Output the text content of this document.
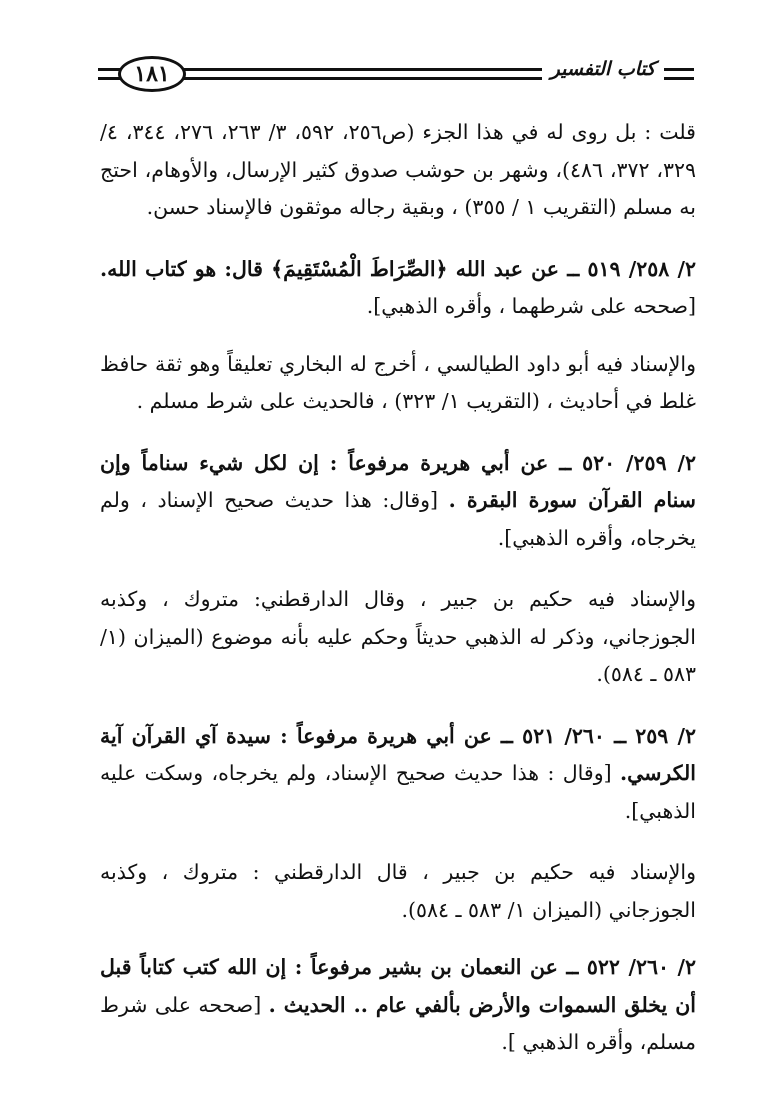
١٨١	كتاب التفسير

قلت : بل روى له في هذا الجزء (ص٢٥٦، ٥٩٢، ٣/ ٢٦٣، ٢٧٦، ٣٤٤، ٤/ ٣٢٩، ٣٧٢، ٤٨٦)، وشهر بن حوشب صدوق كثير الإرسال، والأوهام، احتج به مسلم (التقريب ١ / ٣٥٥) ، وبقية رجاله موثقون فالإسناد حسن.

٢/ ٢٥٨/ ٥١٩ ــ عن عبد الله ﴿الصِّرَاطَ الْمُسْتَقِيمَ﴾ قال: هو كتاب الله. [صححه على شرطهما ، وأقره الذهبي].

والإسناد فيه أبو داود الطيالسي ، أخرج له البخاري تعليقاً وهو ثقة حافظ غلط في أحاديث ، (التقريب ١/ ٣٢٣) ، فالحديث على شرط مسلم .

٢/ ٢٥٩/ ٥٢٠ ــ عن أبي هريرة مرفوعاً : إن لكل شيء سناماً وإن سنام القرآن سورة البقرة . [وقال: هذا حديث صحيح الإسناد ، ولم يخرجاه، وأقره الذهبي].

والإسناد فيه حكيم بن جبير ، وقال الدارقطني: متروك ، وكذبه الجوزجاني، وذكر له الذهبي حديثاً وحكم عليه بأنه موضوع (الميزان (١/ ٥٨٣ ـ ٥٨٤).

٢/ ٢٥٩ ــ ٢٦٠/ ٥٢١ ــ عن أبي هريرة مرفوعاً : سيدة آي القرآن آية الكرسي. [وقال : هذا حديث صحيح الإسناد، ولم يخرجاه، وسكت عليه الذهبي].

والإسناد فيه حكيم بن جبير ، قال الدارقطني : متروك ، وكذبه الجوزجاني (الميزان ١/ ٥٨٣ ـ ٥٨٤).

٢/ ٢٦٠/ ٥٢٢ ــ عن النعمان بن بشير مرفوعاً : إن الله كتب كتاباً قبل أن يخلق السموات والأرض بألفي عام .. الحديث . [صححه على شرط مسلم، وأقره الذهبي ].
